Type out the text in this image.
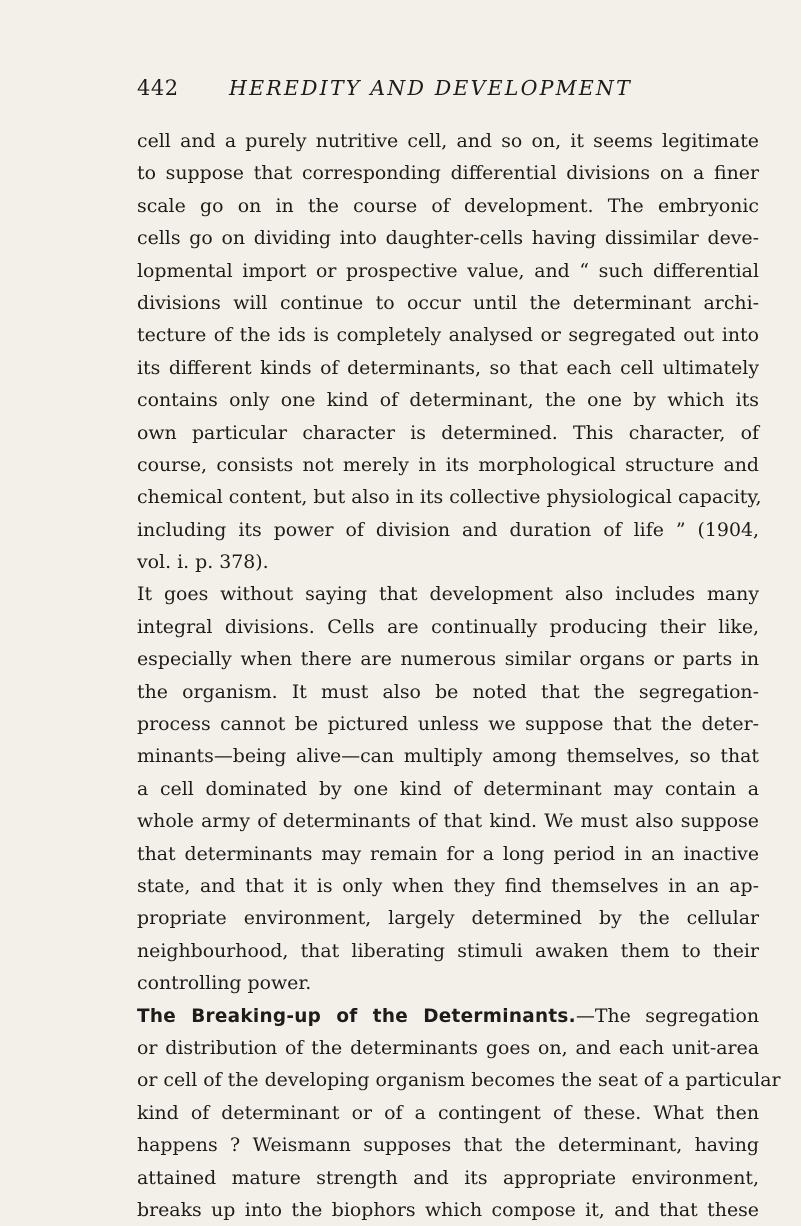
442 HEREDITY AND DEVELOPMENT
cell and a purely nutritive cell, and so on, it seems legitimate
to suppose that corresponding differential divisions on a finer
scale go on in the course of development. The embryonic
cells go on dividing into daughter-cells having dissimilar deve-
lopmental import or prospective value, and “ such differential
divisions will continue to occur until the determinant archi-
tecture of the ids is completely analysed or segregated out into
its different kinds of determinants, so that each cell ultimately
contains only one kind of determinant, the one by which its
own particular character is determined. This character, of
course, consists not merely in its morphological structure and
chemical content, but also in its collective physiological capacity,
including its power of division and duration of life ” (1904,
vol. i. p. 378).
It goes without saying that development also includes many
integral divisions. Cells are continually producing their like,
especially when there are numerous similar organs or parts in
the organism. It must also be noted that the segregation-
process cannot be pictured unless we suppose that the deter-
minants—being alive—can multiply among themselves, so that
a cell dominated by one kind of determinant may contain a
whole army of determinants of that kind. We must also suppose
that determinants may remain for a long period in an inactive
state, and that it is only when they find themselves in an ap-
propriate environment, largely determined by the cellular
neighbourhood, that liberating stimuli awaken them to their
controlling power.
The Breaking-up of the Determinants.—The segregation
or distribution of the determinants goes on, and each unit-area
or cell of the developing organism becomes the seat of a particular
kind of determinant or of a contingent of these. What then
happens ? Weismann supposes that the determinant, having
attained mature strength and its appropriate environment,
breaks up into the biophors which compose it, and that these
